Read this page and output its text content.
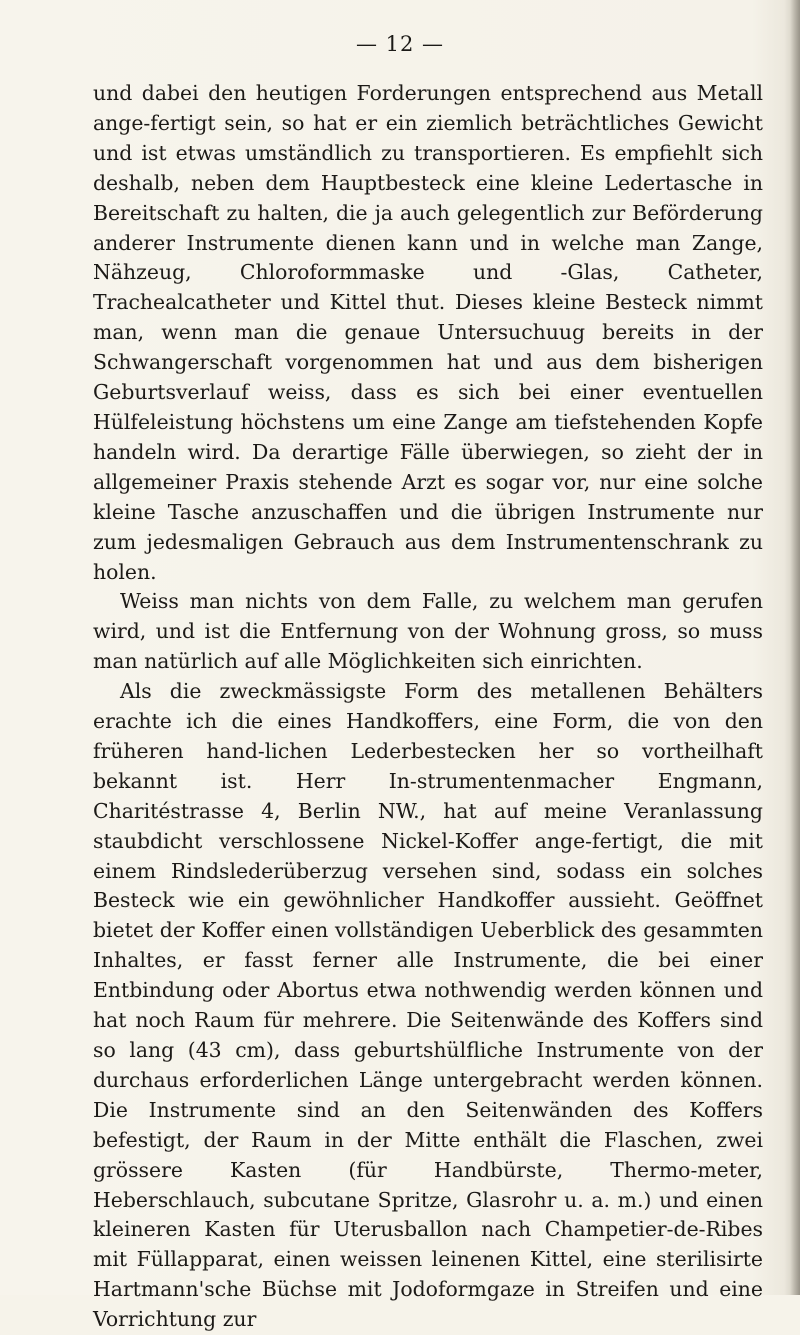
— 12 —

und dabei den heutigen Forderungen entsprechend aus Metall ange-fertigt sein, so hat er ein ziemlich beträchtliches Gewicht und ist etwas umständlich zu transportieren. Es empfiehlt sich deshalb, neben dem Hauptbesteck eine kleine Ledertasche in Bereitschaft zu halten, die ja auch gelegentlich zur Beförderung anderer Instrumente dienen kann und in welche man Zange, Nähzeug, Chloroformmaske und -Glas, Catheter, Trachealcatheter und Kittel thut. Dieses kleine Besteck nimmt man, wenn man die genaue Untersuchuug bereits in der Schwangerschaft vorgenommen hat und aus dem bisherigen Geburtsverlauf weiss, dass es sich bei einer eventuellen Hülfeleistung höchstens um eine Zange am tiefstehenden Kopfe handeln wird. Da derartige Fälle überwiegen, so zieht der in allgemeiner Praxis stehende Arzt es sogar vor, nur eine solche kleine Tasche anzuschaffen und die übrigen Instrumente nur zum jedesmaligen Gebrauch aus dem Instrumentenschrank zu holen.

Weiss man nichts von dem Falle, zu welchem man gerufen wird, und ist die Entfernung von der Wohnung gross, so muss man natürlich auf alle Möglichkeiten sich einrichten.

Als die zweckmässigste Form des metallenen Behälters erachte ich die eines Handkoffers, eine Form, die von den früheren hand-lichen Lederbestecken her so vortheilhaft bekannt ist. Herr In-strumentenmacher Engmann, Charitéstrasse 4, Berlin NW., hat auf meine Veranlassung staubdicht verschlossene Nickel-Koffer ange-fertigt, die mit einem Rindslederüberzug versehen sind, sodass ein solches Besteck wie ein gewöhnlicher Handkoffer aussieht. Geöffnet bietet der Koffer einen vollständigen Ueberblick des gesammten Inhaltes, er fasst ferner alle Instrumente, die bei einer Entbindung oder Abortus etwa nothwendig werden können und hat noch Raum für mehrere. Die Seitenwände des Koffers sind so lang (43 cm), dass geburtshülfliche Instrumente von der durchaus erforderlichen Länge untergebracht werden können. Die Instrumente sind an den Seitenwänden des Koffers befestigt, der Raum in der Mitte enthält die Flaschen, zwei grössere Kasten (für Handbürste, Thermo-meter, Heberschlauch, subcutane Spritze, Glasrohr u. a. m.) und einen kleineren Kasten für Uterusballon nach Champetier-de-Ribes mit Füllapparat, einen weissen leinenen Kittel, eine sterilisirte Hartmann'sche Büchse mit Jodoformgaze in Streifen und eine Vorrichtung zur
